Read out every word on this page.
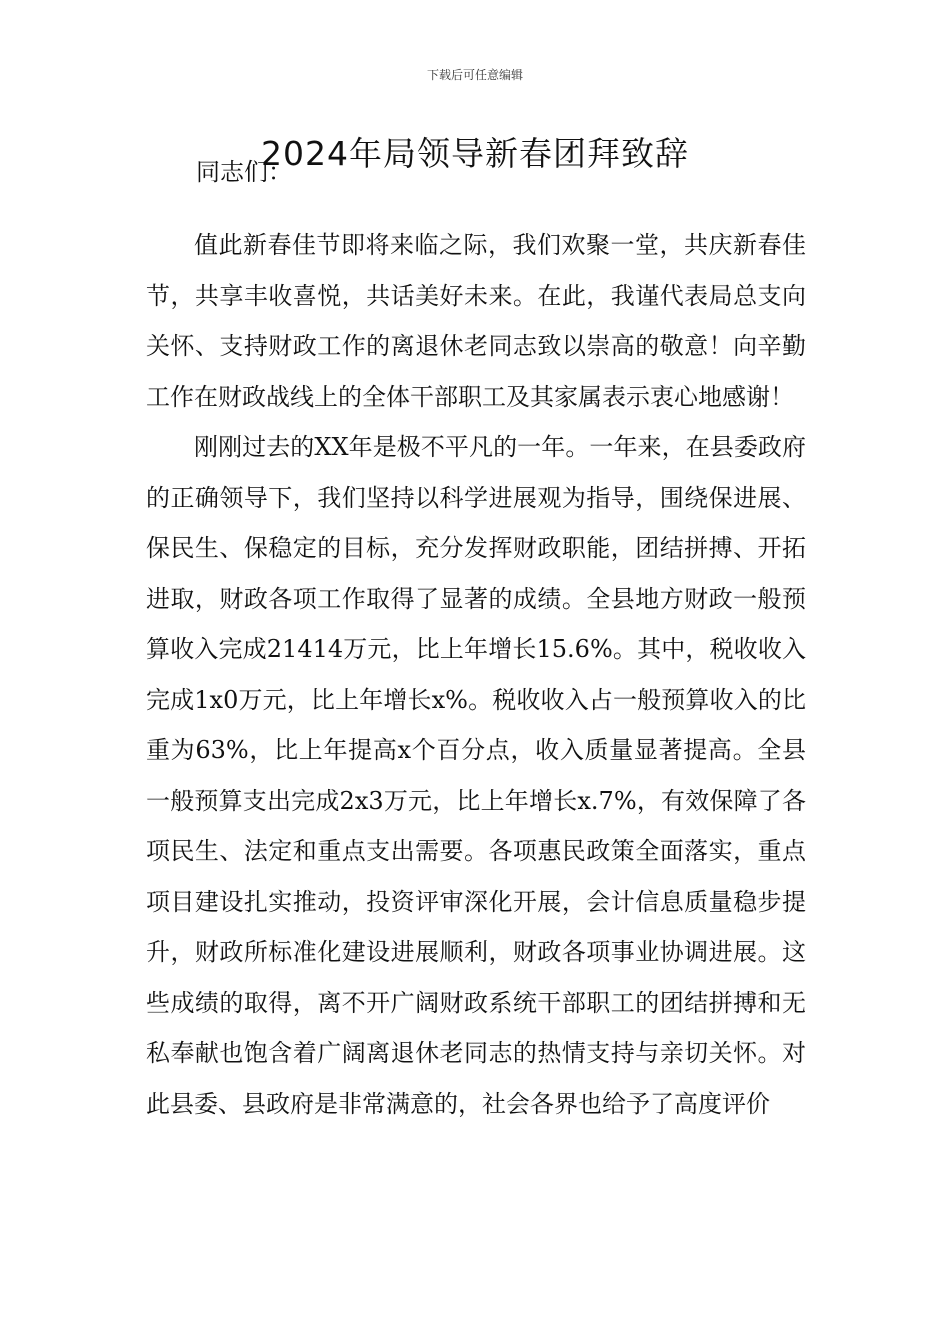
下载后可任意编辑
2024年局领导新春团拜致辞
同志们：

值此新春佳节即将来临之际，我们欢聚一堂，共庆新春佳节，共享丰收喜悦，共话美好未来。在此，我谨代表局总支向关怀、支持财政工作的离退休老同志致以崇高的敬意！向辛勤工作在财政战线上的全体干部职工及其家属表示衷心地感谢！

刚刚过去的XX年是极不平凡的一年。一年来，在县委政府的正确领导下，我们坚持以科学进展观为指导，围绕保进展、保民生、保稳定的目标，充分发挥财政职能，团结拼搏、开拓进取，财政各项工作取得了显著的成绩。全县地方财政一般预算收入完成21414万元，比上年增长15.6%。其中，税收收入完成1x0万元，比上年增长x%。税收收入占一般预算收入的比重为63%，比上年提高x个百分点，收入质量显著提高。全县一般预算支出完成2x3万元，比上年增长x.7%，有效保障了各项民生、法定和重点支出需要。各项惠民政策全面落实，重点项目建设扎实推动，投资评审深化开展，会计信息质量稳步提升，财政所标准化建设进展顺利，财政各项事业协调进展。这些成绩的取得，离不开广阔财政系统干部职工的团结拼搏和无私奉献也饱含着广阔离退休老同志的热情支持与亲切关怀。对此县委、县政府是非常满意的，社会各界也给予了高度评价
